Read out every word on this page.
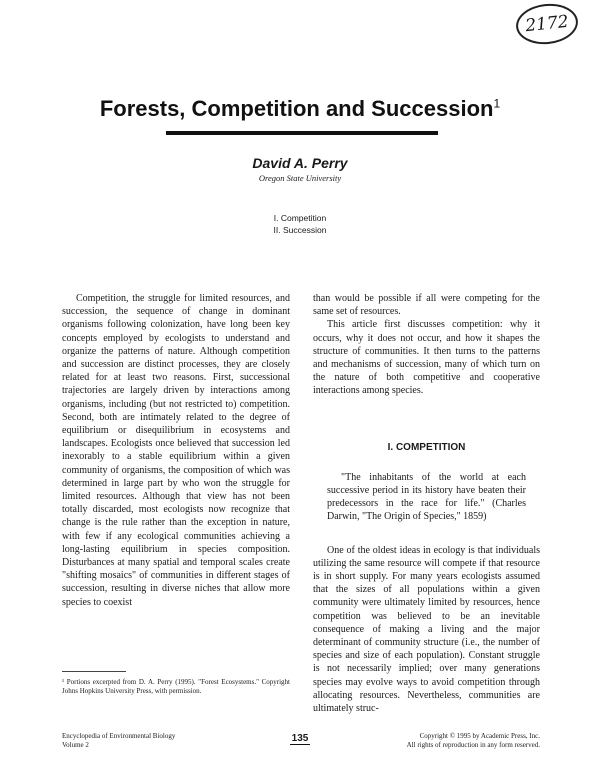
2172
Forests, Competition and Succession$^1$
David A. Perry
Oregon State University
I. Competition
II. Succession

Competition, the struggle for limited resources, and succession, the sequence of change in dominant organisms following colonization, have long been key concepts employed by ecologists to understand and organize the patterns of nature. Although competition and succession are distinct processes, they are closely related for at least two reasons. First, successional trajectories are largely driven by interactions among organisms, including (but not restricted to) competition. Second, both are intimately related to the degree of equilibrium or disequilibrium in ecosystems and landscapes. Ecologists once believed that succession led inexorably to a stable equilibrium within a given community of organisms, the composition of which was determined in large part by who won the struggle for limited resources. Although that view has not been totally discarded, most ecologists now recognize that change is the rule rather than the exception in nature, with few if any ecological communities achieving a long-lasting equilibrium in species composition. Disturbances at many spatial and temporal scales create "shifting mosaics" of communities in different stages of succession, resulting in diverse niches that allow more species to coexist

than would be possible if all were competing for the same set of resources.

This article first discusses competition: why it occurs, why it does not occur, and how it shapes the structure of communities. It then turns to the patterns and mechanisms of succession, many of which turn on the nature of both competitive and cooperative interactions among species.

I. COMPETITION

"The inhabitants of the world at each successive period in its history have beaten their predecessors in the race for life." (Charles Darwin, "The Origin of Species," 1859)

One of the oldest ideas in ecology is that individuals utilizing the same resource will compete if that resource is in short supply. For many years ecologists assumed that the sizes of all populations within a given community were ultimately limited by resources, hence competition was believed to be an inevitable consequence of making a living and the major determinant of community structure (i.e., the number of species and size of each population). Constant struggle is not necessarily implied; over many generations species may evolve ways to avoid competition through allocating resources. Nevertheless, communities are ultimately struc-

¹ Portions excerpted from D. A. Perry (1995). "Forest Ecosystems." Copyright Johns Hopkins University Press, with permission.
Encyclopedia of Environmental Biology
Volume 2
135	Copyright © 1995 by Academic Press, Inc.
All rights of reproduction in any form reserved.
